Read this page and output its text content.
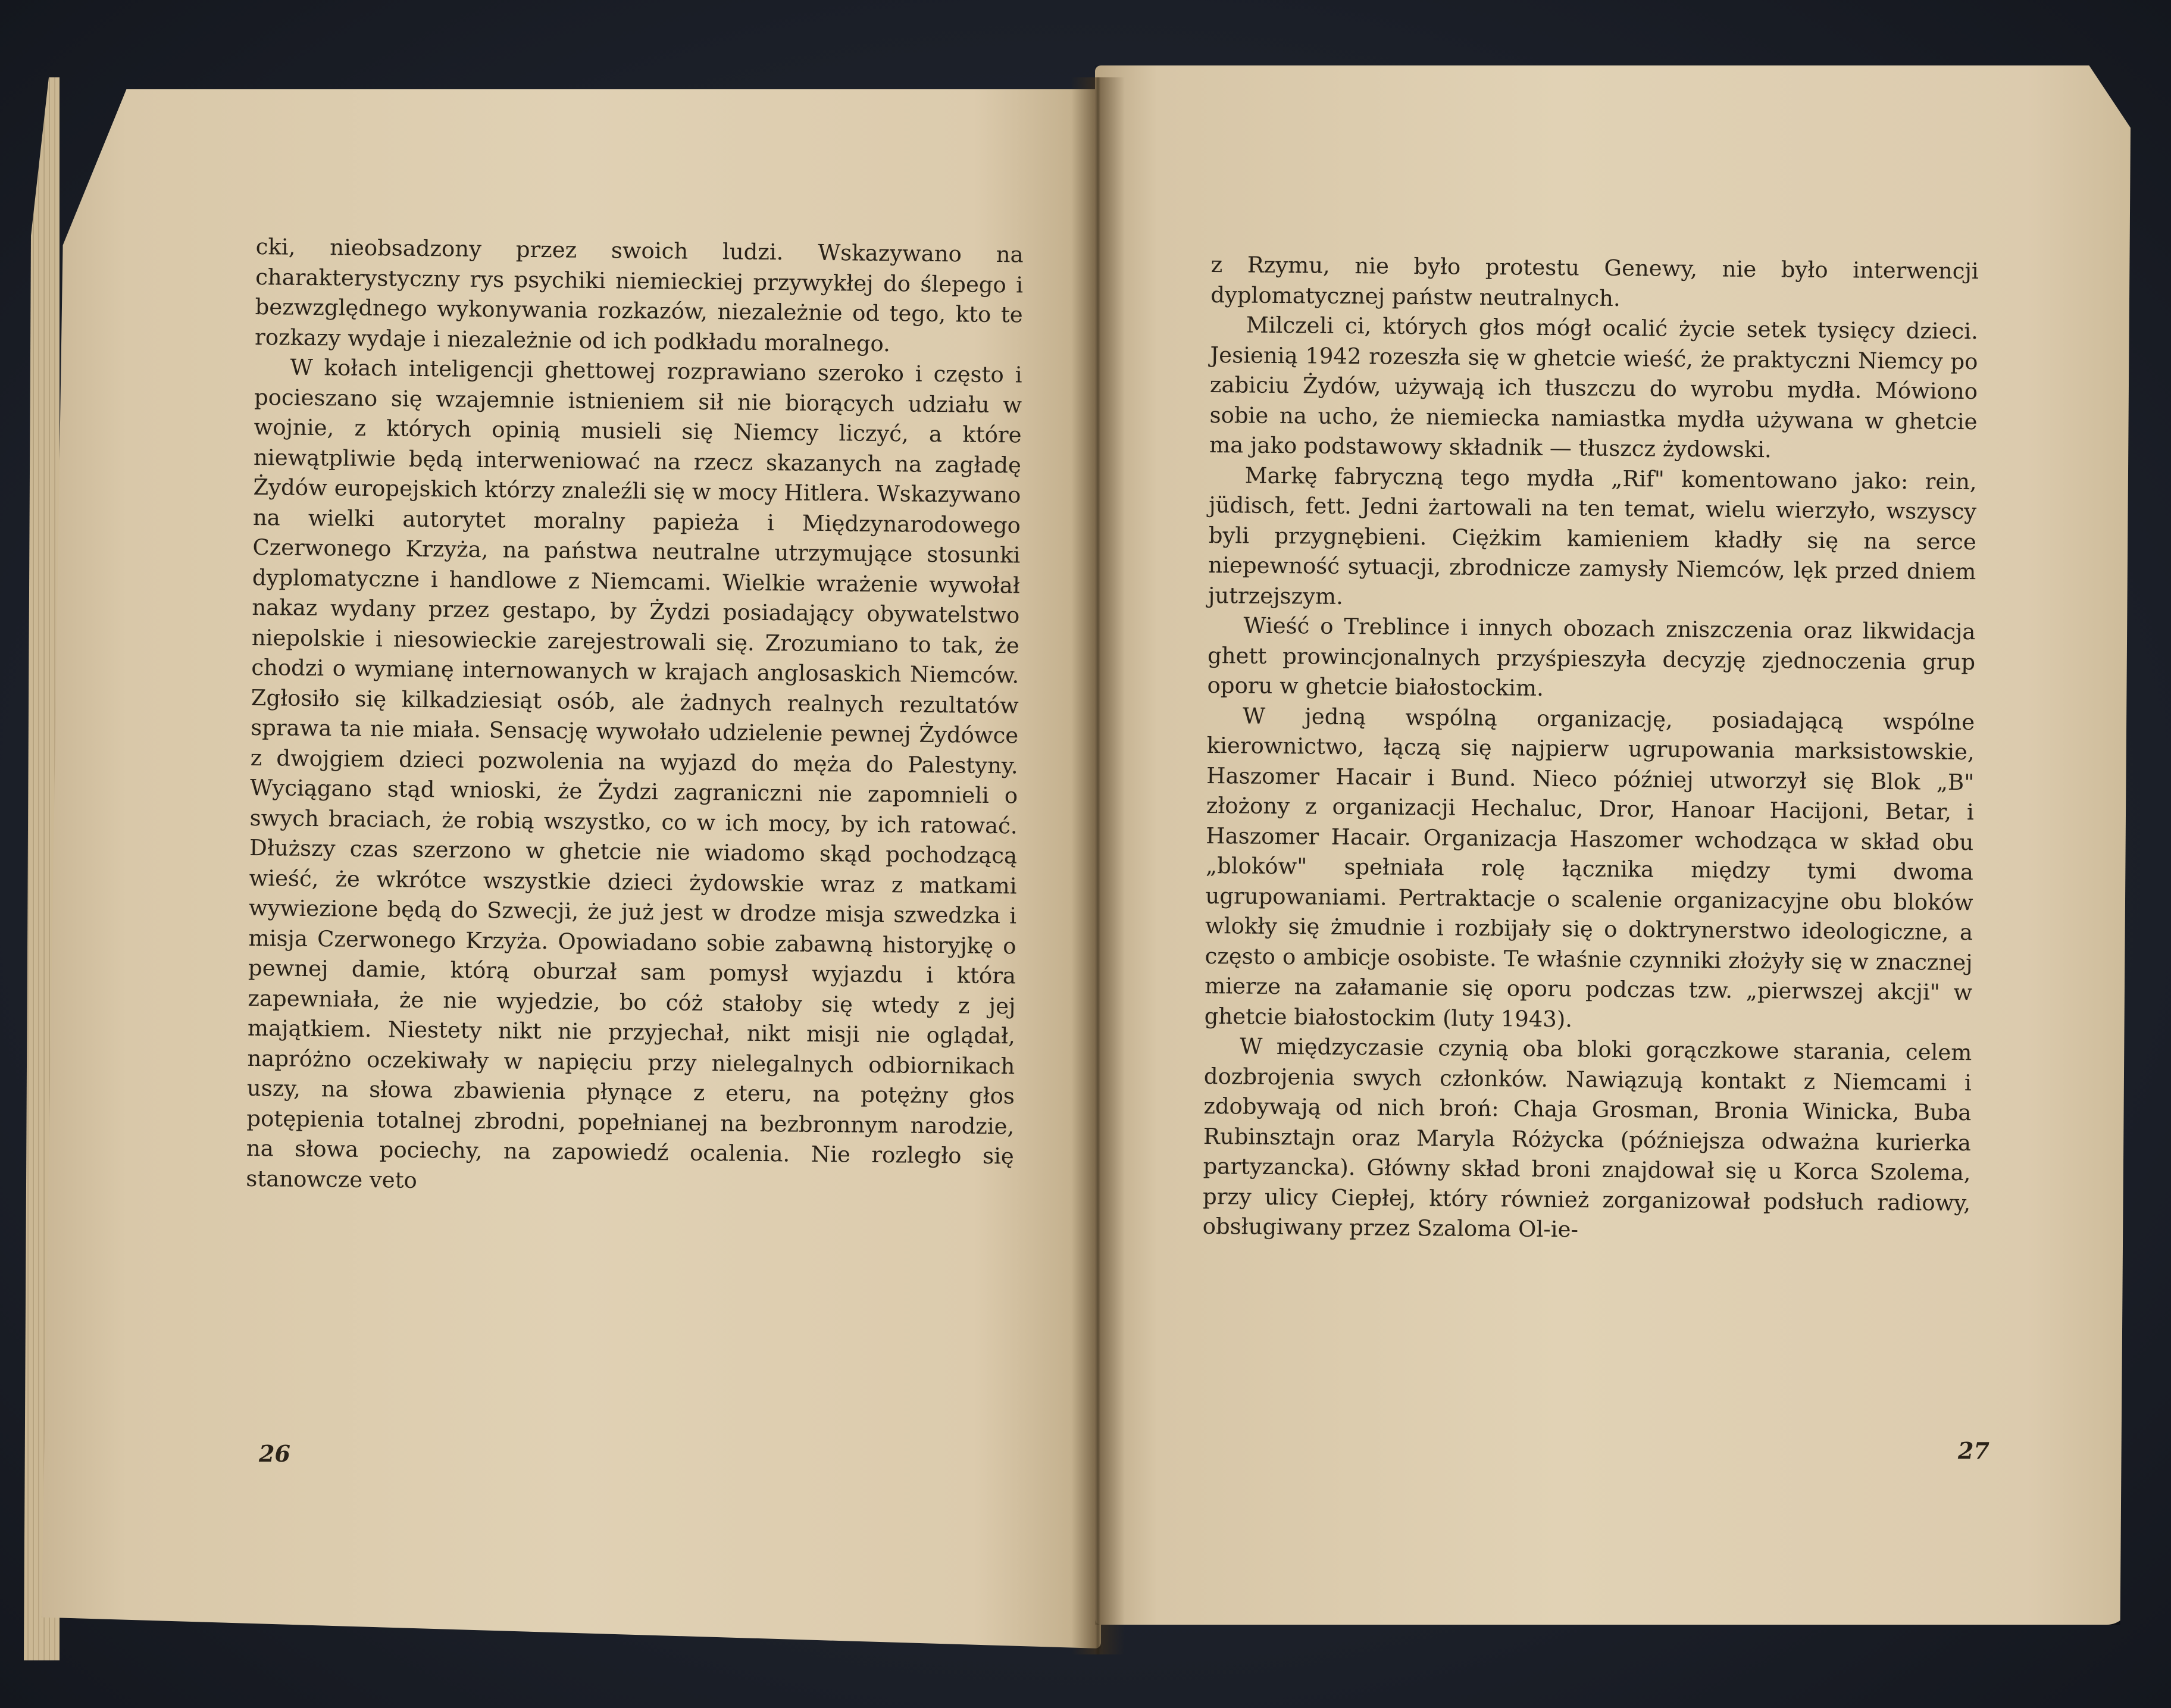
cki, nieobsadzony przez swoich ludzi. Wskazywano na charakterystyczny rys psychiki niemieckiej przywykłej do ślepego i bezwzględnego wykonywania rozkazów, niezależnie od tego, kto te rozkazy wydaje i niezależnie od ich podkładu moralnego.

W kołach inteligencji ghettowej rozprawiano szeroko i często i pocieszano się wzajemnie istnieniem sił nie biorących udziału w wojnie, z których opinią musieli się Niemcy liczyć, a które niewątpliwie będą interweniować na rzecz skazanych na zagładę Żydów europejskich którzy znaleźli się w mocy Hitlera. Wskazywano na wielki autorytet moralny papieża i Międzynarodowego Czerwonego Krzyża, na państwa neutralne utrzymujące stosunki dyplomatyczne i handlowe z Niemcami. Wielkie wrażenie wywołał nakaz wydany przez gestapo, by Żydzi posiadający obywatelstwo niepolskie i niesowieckie zarejestrowali się. Zrozumiano to tak, że chodzi o wymianę internowanych w krajach anglosaskich Niemców. Zgłosiło się kilkadziesiąt osób, ale żadnych realnych rezultatów sprawa ta nie miała. Sensację wywołało udzielenie pewnej Żydówce z dwojgiem dzieci pozwolenia na wyjazd do męża do Palestyny. Wyciągano stąd wnioski, że Żydzi zagraniczni nie zapomnieli o swych braciach, że robią wszystko, co w ich mocy, by ich ratować. Dłuższy czas szerzono w ghetcie nie wiadomo skąd pochodzącą wieść, że wkrótce wszystkie dzieci żydowskie wraz z matkami wywiezione będą do Szwecji, że już jest w drodze misja szwedzka i misja Czerwonego Krzyża. Opowiadano sobie zabawną historyjkę o pewnej damie, którą oburzał sam pomysł wyjazdu i która zapewniała, że nie wyjedzie, bo cóż stałoby się wtedy z jej majątkiem. Niestety nikt nie przyjechał, nikt misji nie oglądał, napróżno oczekiwały w napięciu przy nielegalnych odbiornikach uszy, na słowa zbawienia płynące z eteru, na potężny głos potępienia totalnej zbrodni, popełnianej na bezbronnym narodzie, na słowa pociechy, na zapowiedź ocalenia. Nie rozległo się stanowcze veto

26

z Rzymu, nie było protestu Genewy, nie było interwencji dyplomatycznej państw neutralnych.

Milczeli ci, których głos mógł ocalić życie setek tysięcy dzieci. Jesienią 1942 rozeszła się w ghetcie wieść, że praktyczni Niemcy po zabiciu Żydów, używają ich tłuszczu do wyrobu mydła. Mówiono sobie na ucho, że niemiecka namiastka mydła używana w ghetcie ma jako podstawowy składnik — tłuszcz żydowski.

Markę fabryczną tego mydła „Rif" komentowano jako: rein, jüdisch, fett. Jedni żartowali na ten temat, wielu wierzyło, wszyscy byli przygnębieni. Ciężkim kamieniem kładły się na serce niepewność sytuacji, zbrodnicze zamysły Niemców, lęk przed dniem jutrzejszym.

Wieść o Treblince i innych obozach zniszczenia oraz likwidacja ghett prowincjonalnych przyśpieszyła decyzję zjednoczenia grup oporu w ghetcie białostockim.

W jedną wspólną organizację, posiadającą wspólne kierownictwo, łączą się najpierw ugrupowania marksistowskie, Haszomer Hacair i Bund. Nieco później utworzył się Blok „B" złożony z organizacji Hechaluc, Dror, Hanoar Hacijoni, Betar, i Haszomer Hacair. Organizacja Haszomer wchodząca w skład obu „bloków" spełniała rolę łącznika między tymi dwoma ugrupowaniami. Pertraktacje o scalenie organizacyjne obu bloków wlokły się żmudnie i rozbijały się o doktrynerstwo ideologiczne, a często o ambicje osobiste. Te właśnie czynniki złożyły się w znacznej mierze na załamanie się oporu podczas tzw. „pierwszej akcji" w ghetcie białostockim (luty 1943).

W międzyczasie czynią oba bloki gorączkowe starania, celem dozbrojenia swych członków. Nawiązują kontakt z Niemcami i zdobywają od nich broń: Chaja Grosman, Bronia Winicka, Buba Rubinsztajn oraz Maryla Różycka (późniejsza odważna kurierka partyzancka). Główny skład broni znajdował się u Korca Szolema, przy ulicy Ciepłej, który również zorganizował podsłuch radiowy, obsługiwany przez Szaloma Ol-ie-

27
